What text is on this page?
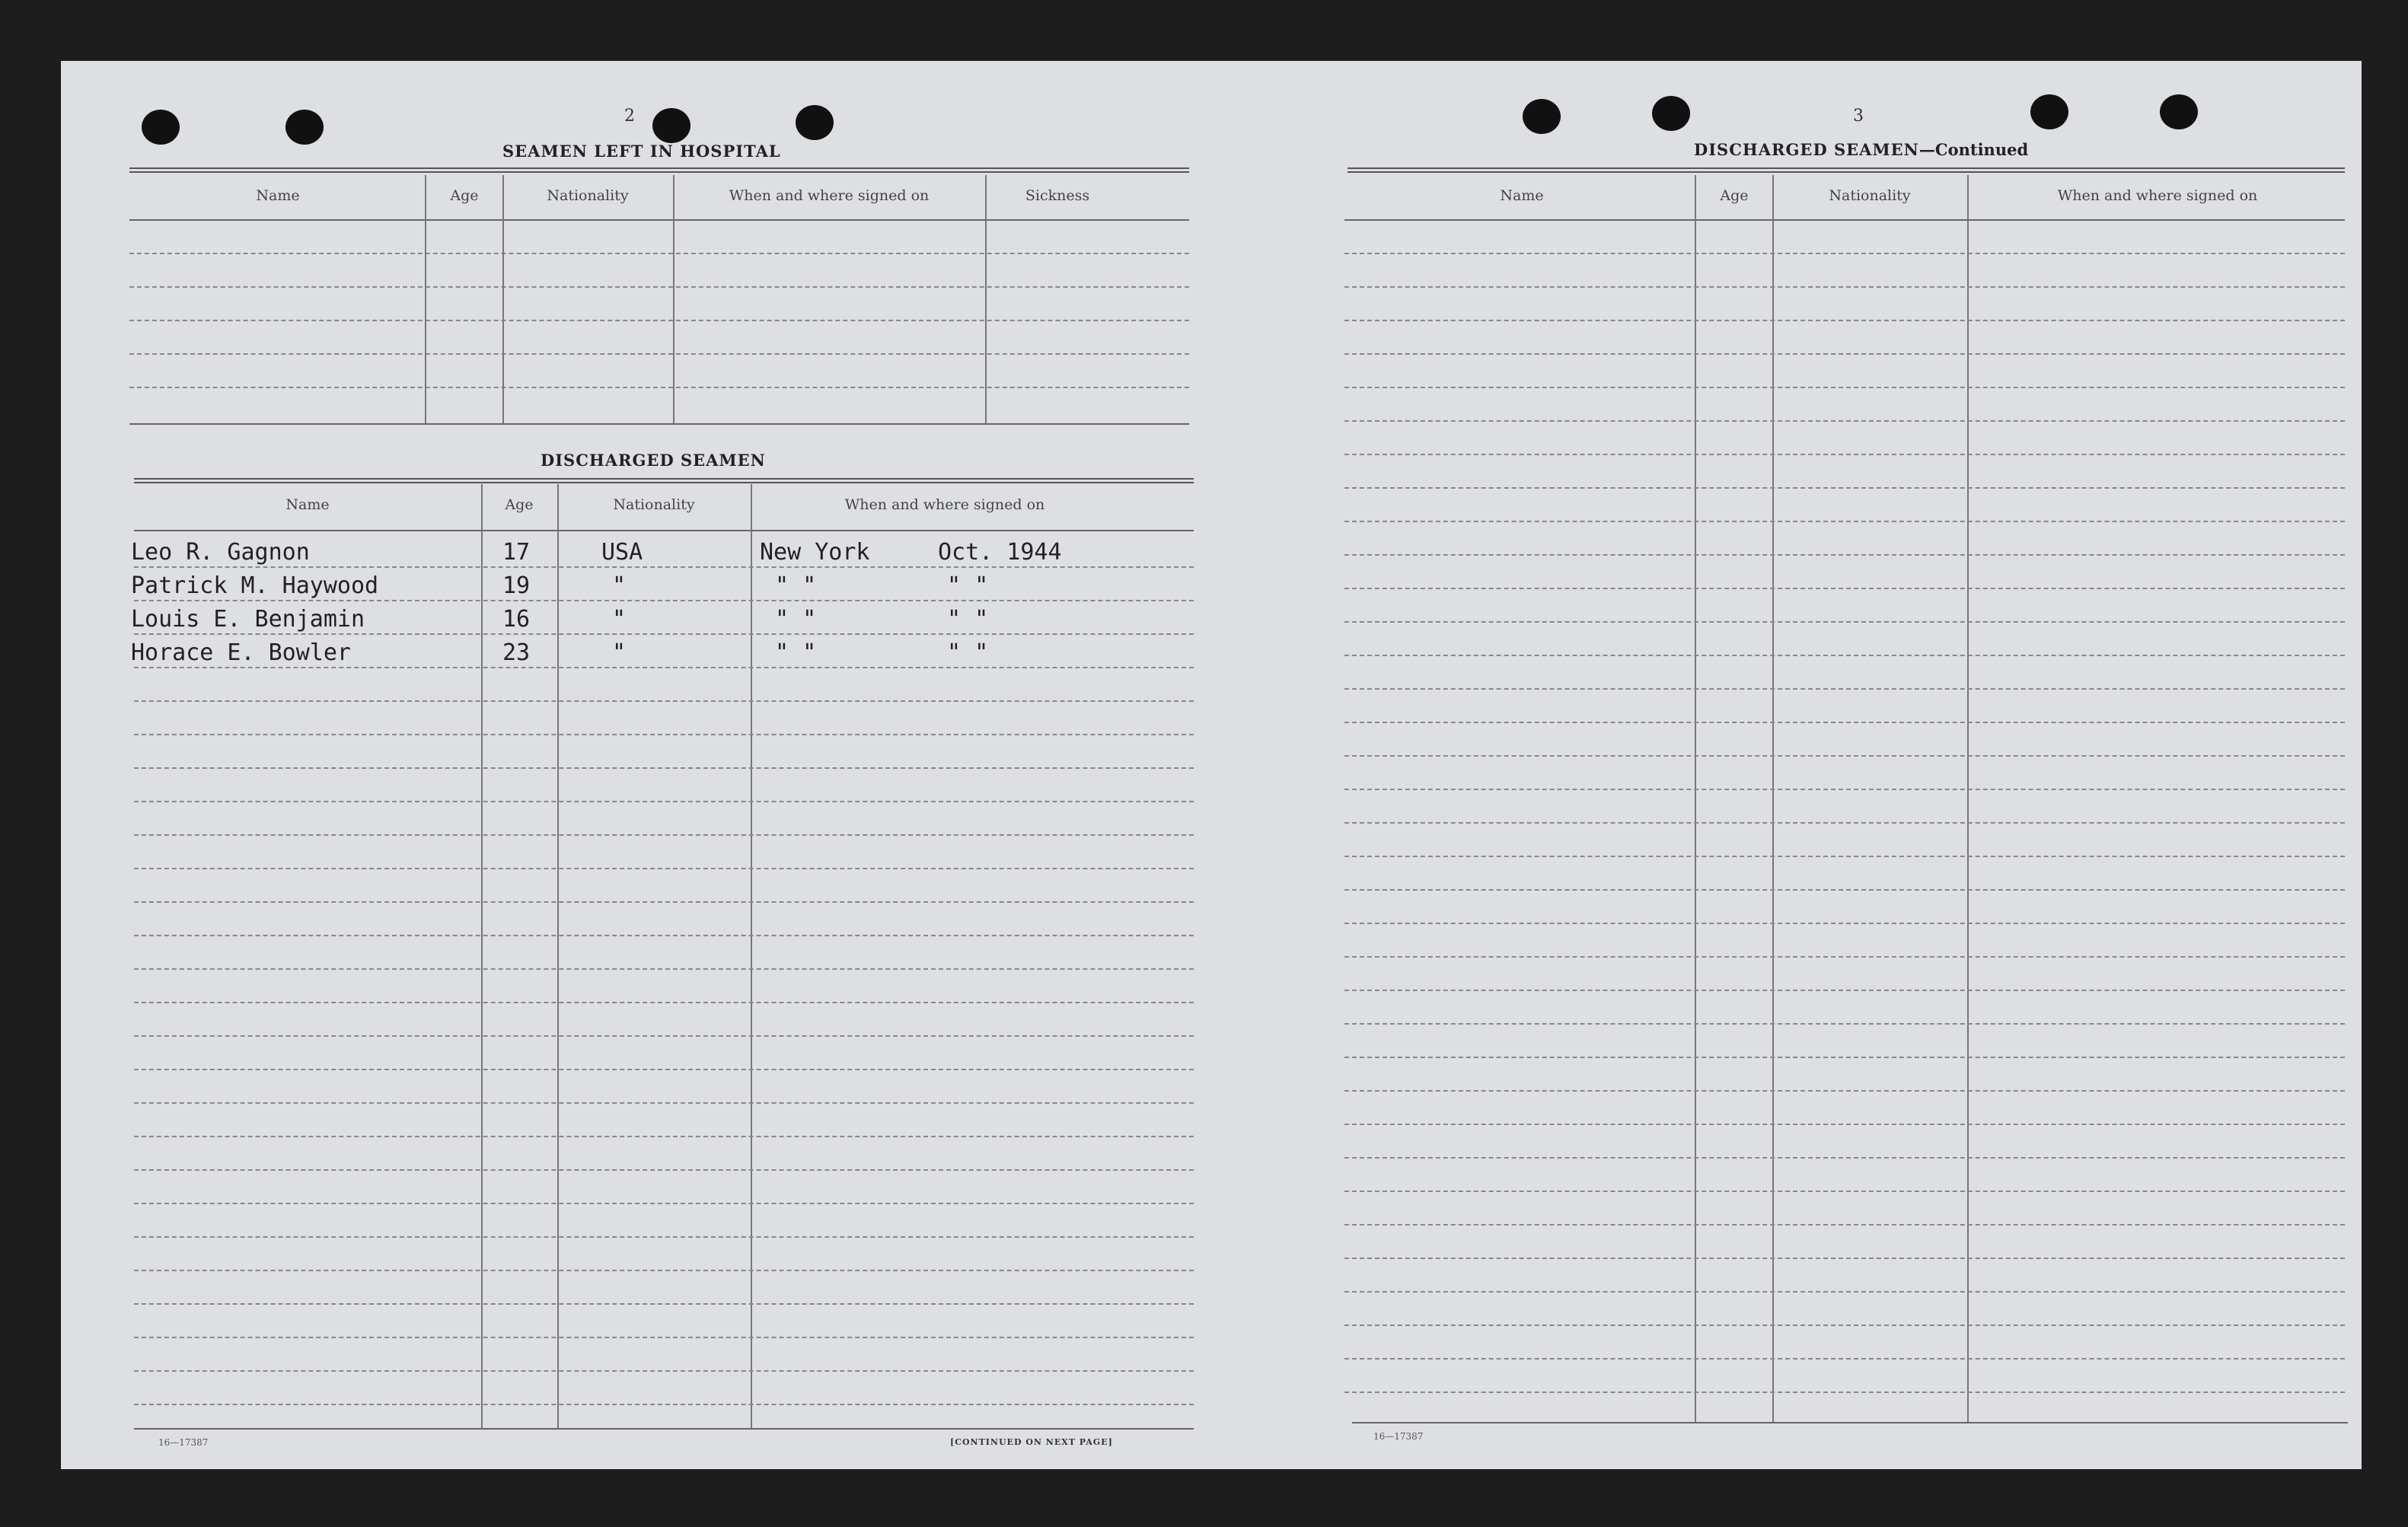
2
SEAMEN LEFT IN HOSPITAL
Name	Age	Nationality	When and where signed on	Sickness
DISCHARGED SEAMEN
Name	Age	Nationality	When and where signed on
Leo R. Gagnon	17	USA	New York	Oct. 1944
Patrick M. Haywood	19	"	" "	" "
Louis E. Benjamin	16	"	" "	" "
Horace E. Bowler	23	"	" "	" "
16—17387	[CONTINUED ON NEXT PAGE]
3
DISCHARGED SEAMEN—Continued
Name	Age	Nationality	When and where signed on
16—17387
